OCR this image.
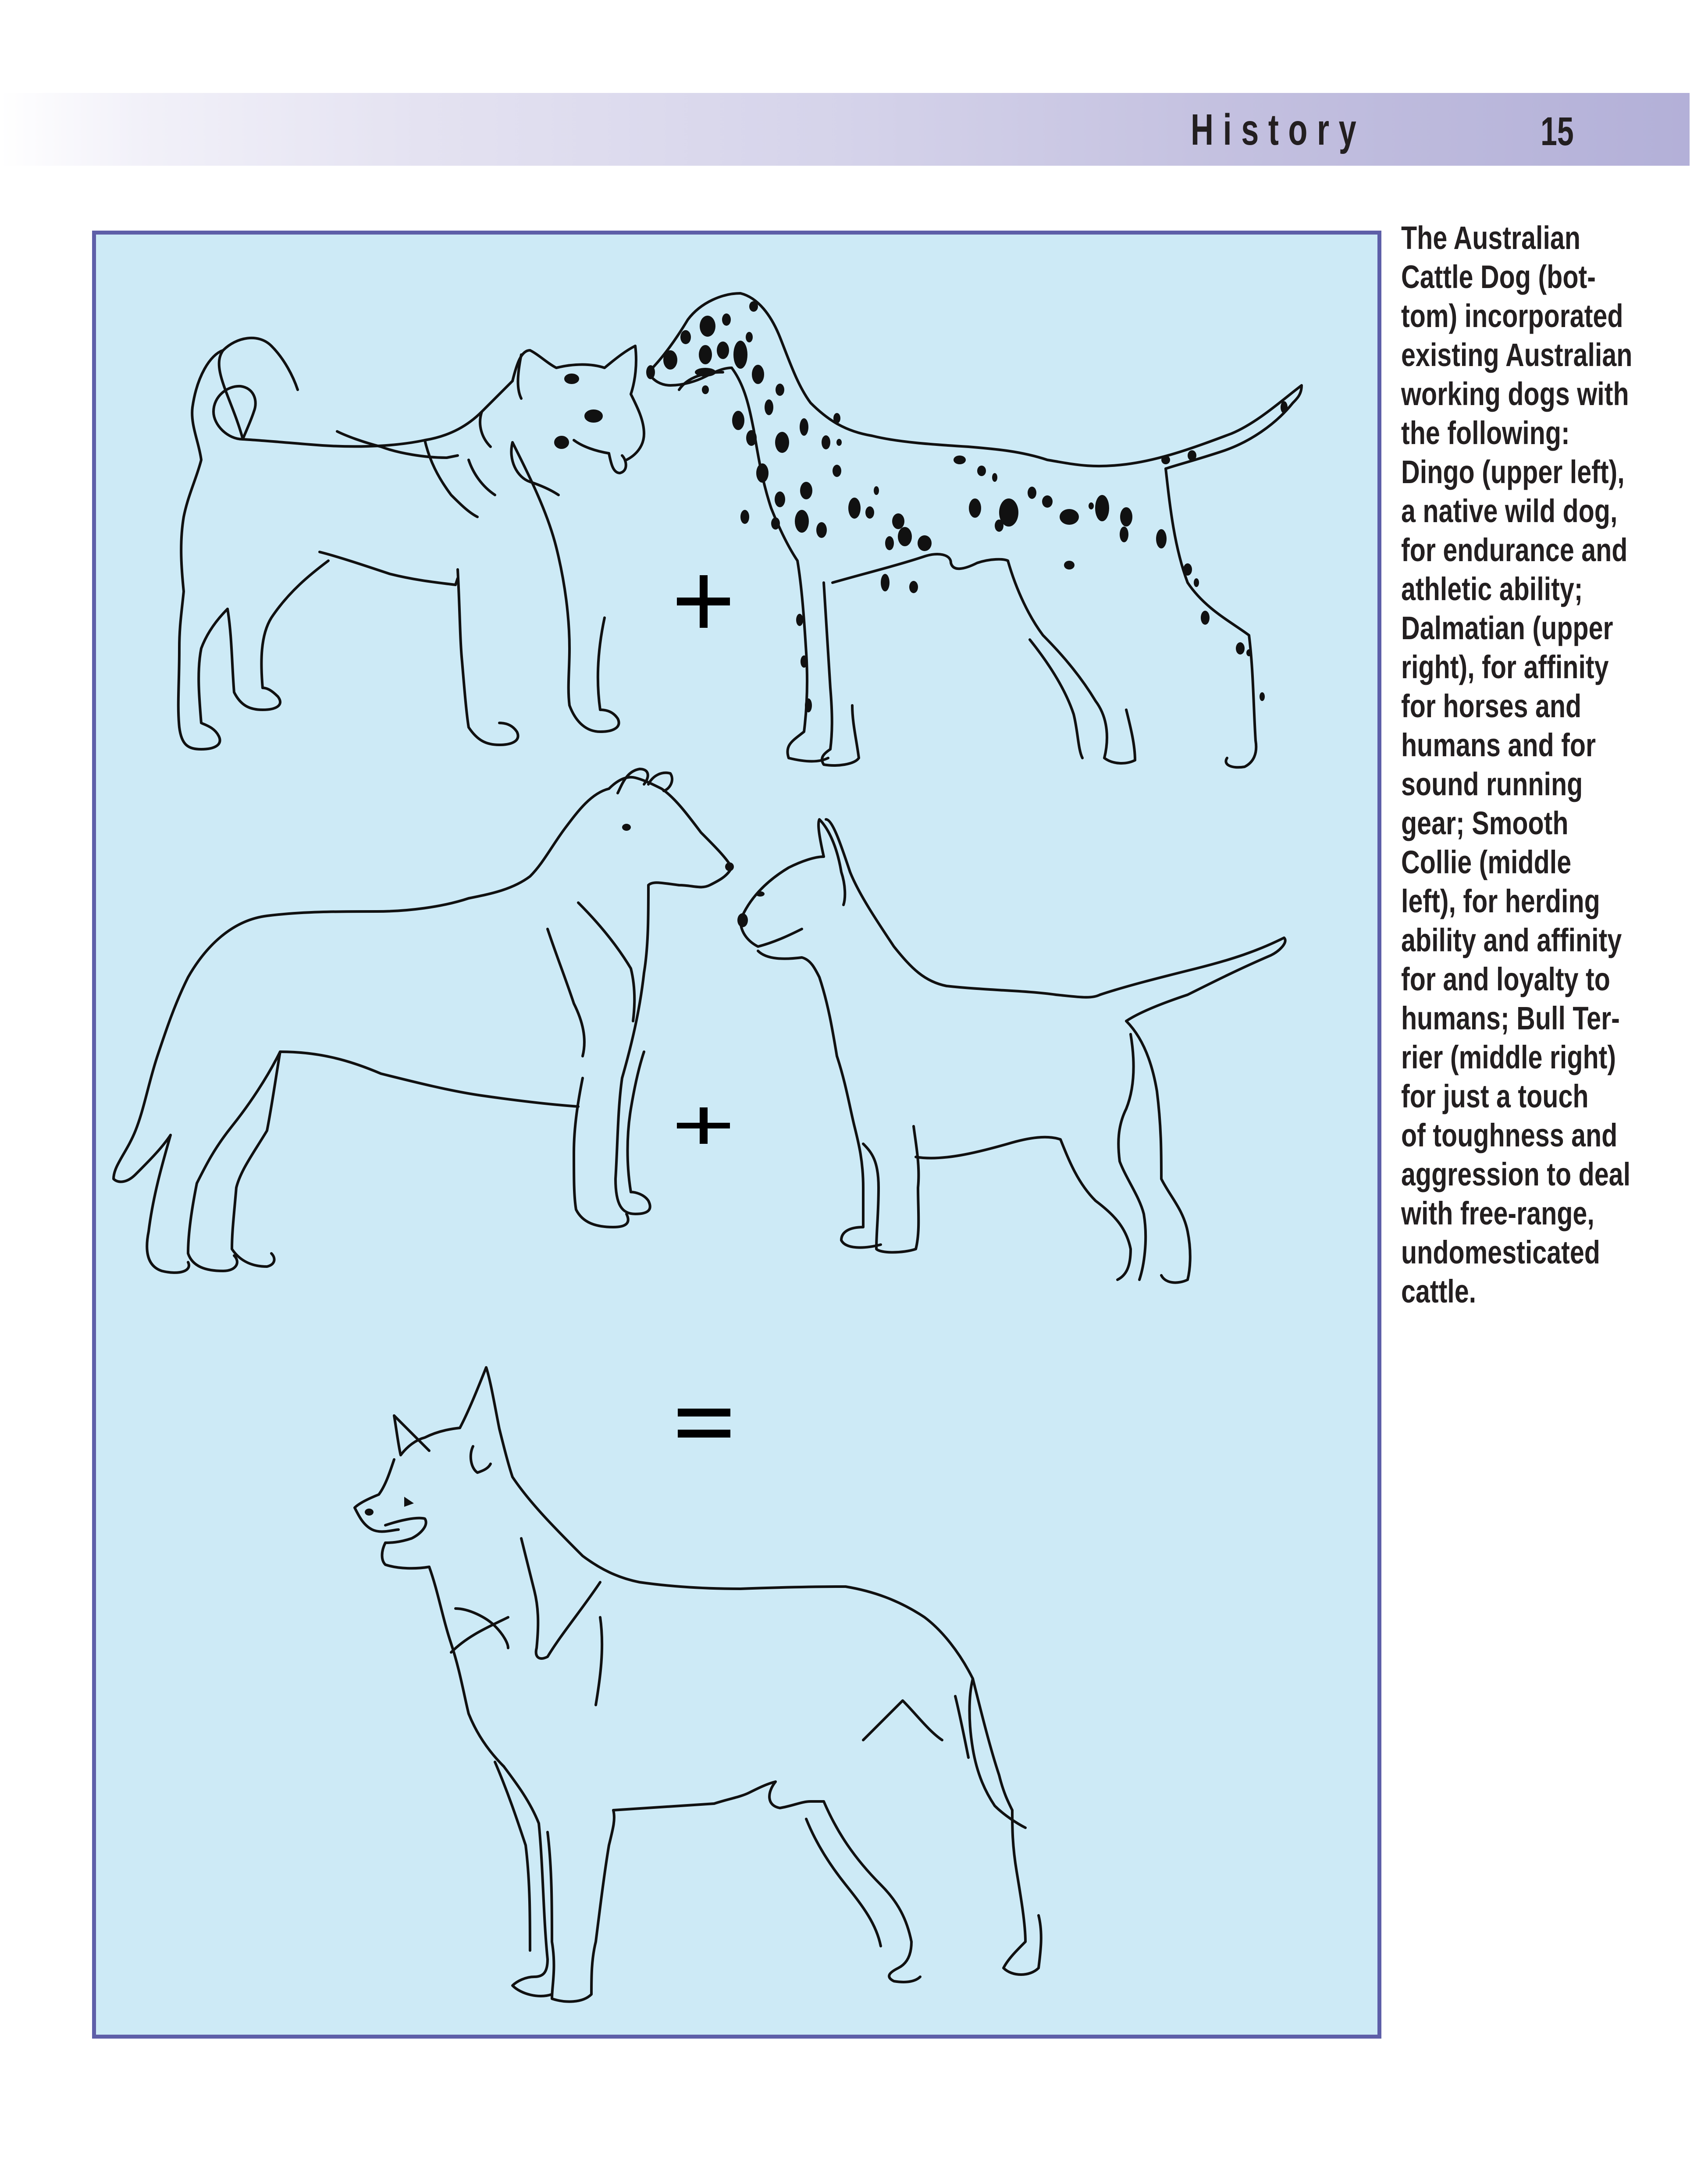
History	15
The Australian
Cattle Dog (bot-
tom) incorporated
existing Australian
working dogs with
the following:
Dingo (upper left),
a native wild dog,
for endurance and
athletic ability;
Dalmatian (upper
right), for affinity
for horses and
humans and for
sound running
gear; Smooth
Collie (middle
left), for herding
ability and affinity
for and loyalty to
humans; Bull Ter-
rier (middle right)
for just a touch
of toughness and
aggression to deal
with free-range,
undomesticated
cattle.
